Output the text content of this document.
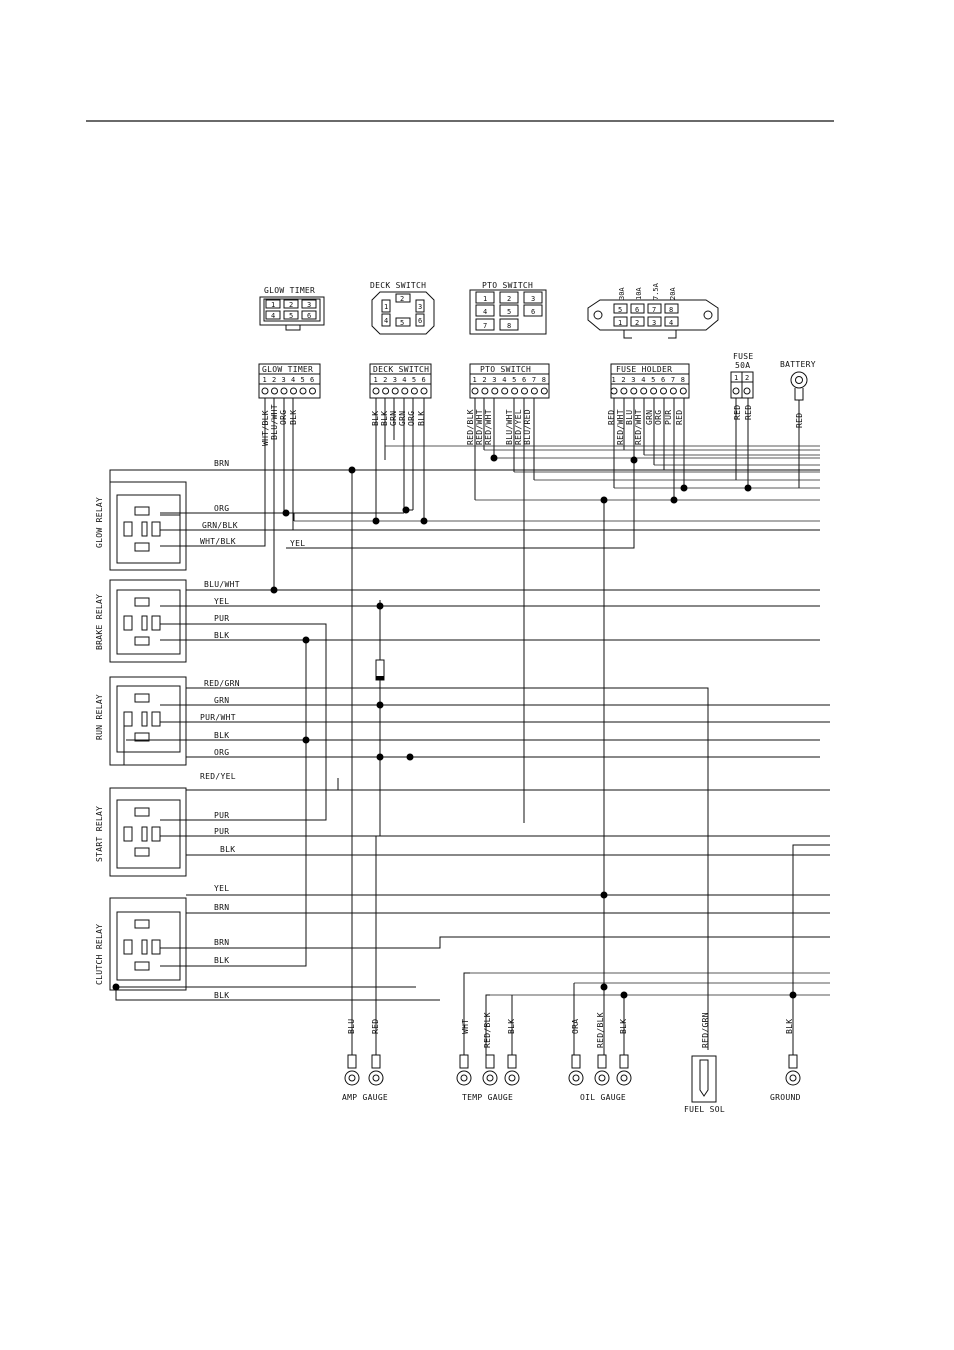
GLOW TIMER
1 2 3
4 5 6
DECK SWITCH
2
1	3
4	6
5
PTO SWITCH
1	2	3
4	5	6
7	8
5 6 7 8
1 2 3 4
30A 10A 7.5A 20A
GLOW TIMER	DECK SWITCH	PTO SWITCH	FUSE HOLDER
FUSE
50A
1 2
RED RED
BATTERY
RED
1 2 3 4 5 6	1 2 3 4 5 6	1 2 3 4 5 6 7 8	1 2 3 4 5 6 7 8
WHT/BLK BLU/WHT ORG BLK	BLK BLK GRN GRN ORG BLK	RED/BLK RED/WHT RED/WHT BLU/WHT RED/YEL BLU/RED	RED RED/WHT BLU RED/WHT GRN ORG PUR RED
GLOW RELAY
BRAKE RELAY
RUN RELAY
START RELAY
CLUTCH RELAY
BRN
ORG
GRN/BLK
WHT/BLK	YEL
BLU/WHT
YEL
PUR
BLK
RED/GRN
GRN
PUR/WHT
BLK
ORG
RED/YEL
PUR
PUR
BLK
YEL
BRN
BRN
BLK
BLK
BLU RED	WHT RED/BLK BLK	ORA RED/BLK BLK	RED/GRN	BLK
AMP GAUGE	TEMP GAUGE	OIL GAUGE
FUEL SOL
GROUND
